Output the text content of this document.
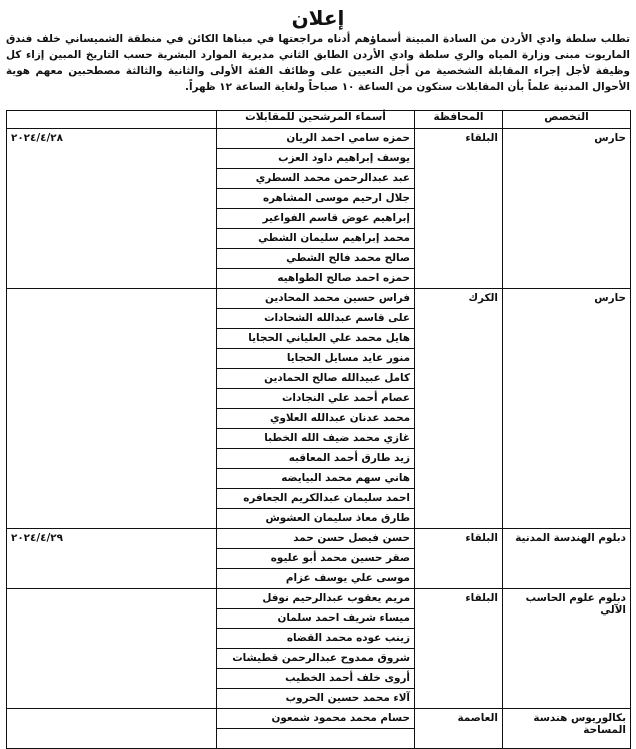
إعلان
تطلب سلطة وادي الأردن من السادة المبينة أسماؤهم أدناه مراجعتها في مبناها الكائن في منطقة الشميساني خلف فندق الماريوت مبنى وزارة المياه والري سلطة وادي الأردن الطابق الثاني مديرية الموارد البشرية حسب التاريخ المبين إزاء كل وظيفة لأجل إجراء المقابلة الشخصية من أجل التعيين على وظائف الفئة الأولى والثانية والثالثة مصطحبين معهم هوية الأحوال المدنية علماً بأن المقابلات ستكون من الساعة ١٠ صباحاً ولغاية الساعة ١٢ ظهراً.
التخصص	المحافظة	أسماء المرشحين للمقابلات	
حارس	البلقاء	حمزه سامي احمد الريان	٢٠٢٤/٤/٢٨
		يوسف إبراهيم داود العزب	
		عبد عبدالرحمن محمد السطري	
		جلال ارحيم موسى المشاهره	
		إبراهيم عوض قاسم الفواعير	
		محمد إبراهيم سليمان الشطي	
		صالح محمد فالح الشطي	
		حمزه احمد صالح الطواهيه	
حارس	الكرك	فراس حسين محمد المحادين	
		على قاسم عبدالله الشحادات	
		هايل محمد علي العلياني الحجايا	
		منور عايد مسايل الحجايا	
		كامل عبيدالله صالح الحمادين	
		عصام أحمد علي النجادات	
		محمد عدنان عبدالله العلاوي	
		غازي محمد ضيف الله الخطبا	
		زيد طارق أحمد المعاقبه	
		هاني سهم محمد البيايضه	
		احمد سليمان عبدالكريم الجعافره	
		طارق معاذ سليمان العشوش	
دبلوم الهندسة المدنية	البلقاء	حسن فيصل حسن حمد	٢٠٢٤/٤/٢٩
		صقر حسين محمد أبو عليوه	
		موسى علي يوسف عزام	
دبلوم علوم الحاسب الآلي	البلقاء	مريم يعقوب عبدالرحيم نوفل	
		ميساء شريف احمد سلمان	
		زينب عوده محمد القضاه	
		شروق ممدوح عبدالرحمن قطيشات	
		أروى خلف أحمد الخطيب	
		آلاء محمد حسين الحروب	
بكالوريوس هندسة المساحة	العاصمة	حسام محمد محمود شمعون	
